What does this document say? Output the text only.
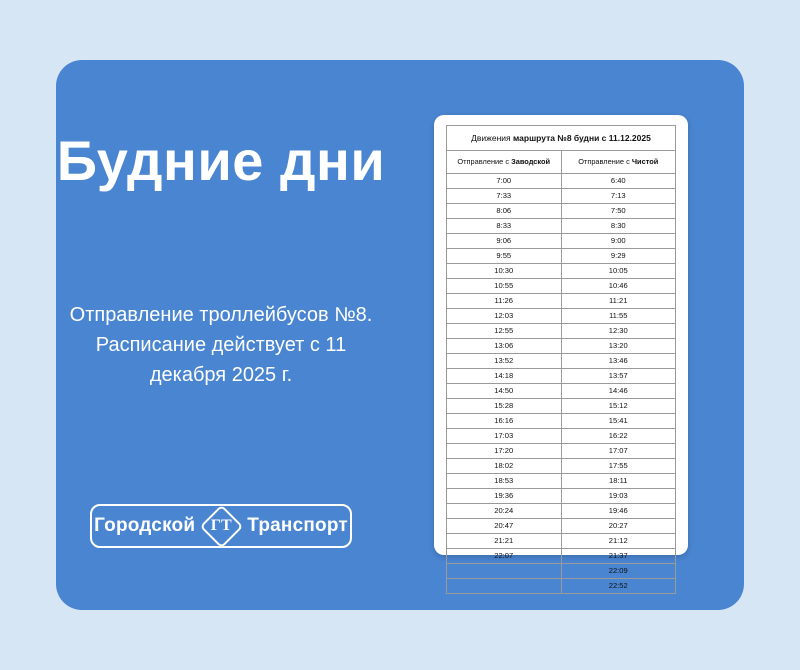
Будние дни
Отправление троллейбусов №8. Расписание действует с 11 декабря 2025 г.
Городской ГТ Транспорт
Движения маршрута №8 будни с 11.12.2025
Отправление с Заводской	Отправление с Чистой
7:00	6:40
7:33	7:13
8:06	7:50
8:33	8:30
9:06	9:00
9:55	9:29
10:30	10:05
10:55	10:46
11:26	11:21
12:03	11:55
12:55	12:30
13:06	13:20
13:52	13:46
14:18	13:57
14:50	14:46
15:28	15:12
16:16	15:41
17:03	16:22
17:20	17:07
18:02	17:55
18:53	18:11
19:36	19:03
20:24	19:46
20:47	20:27
21:21	21:12
22:07	21:37
	22:09
	22:52
